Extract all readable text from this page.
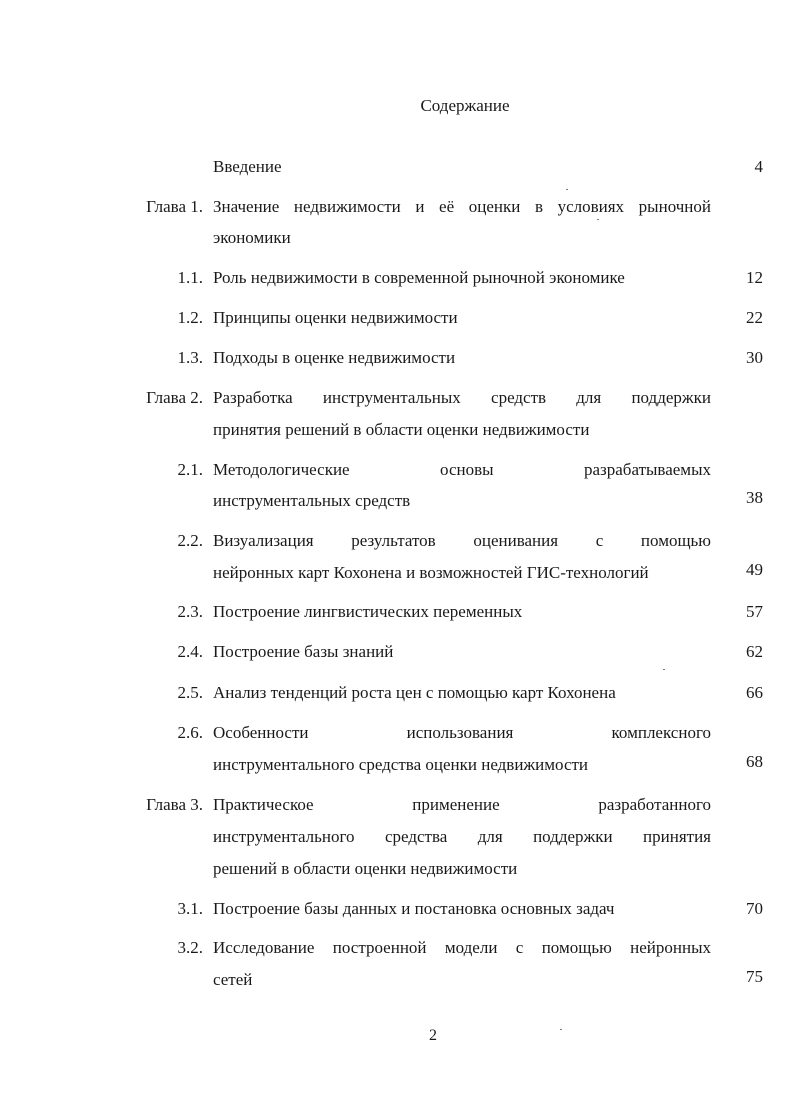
Содержание
Введение	4
Глава 1. Значение недвижимости и её оценки в условиях рыночной
экономики
1.1. Роль недвижимости в современной рыночной экономике	12
1.2. Принципы оценки недвижимости	22
1.3. Подходы в оценке недвижимости	30
Глава 2. Разработка инструментальных средств для поддержки
принятия решений в области оценки недвижимости
2.1. Методологические основы разрабатываемых
инструментальных средств	38
2.2. Визуализация результатов оценивания с помощью
нейронных карт Кохонена и возможностей ГИС-технологий	49
2.3. Построение лингвистических переменных	57
2.4. Построение базы знаний	62
2.5. Анализ тенденций роста цен с помощью карт Кохонена	66
2.6. Особенности использования комплексного
инструментального средства оценки недвижимости	68
Глава 3. Практическое применение разработанного
инструментального средства для поддержки принятия
решений в области оценки недвижимости
3.1. Построение базы данных и постановка основных задач	70
3.2. Исследование построенной модели с помощью нейронных
сетей	75
2
